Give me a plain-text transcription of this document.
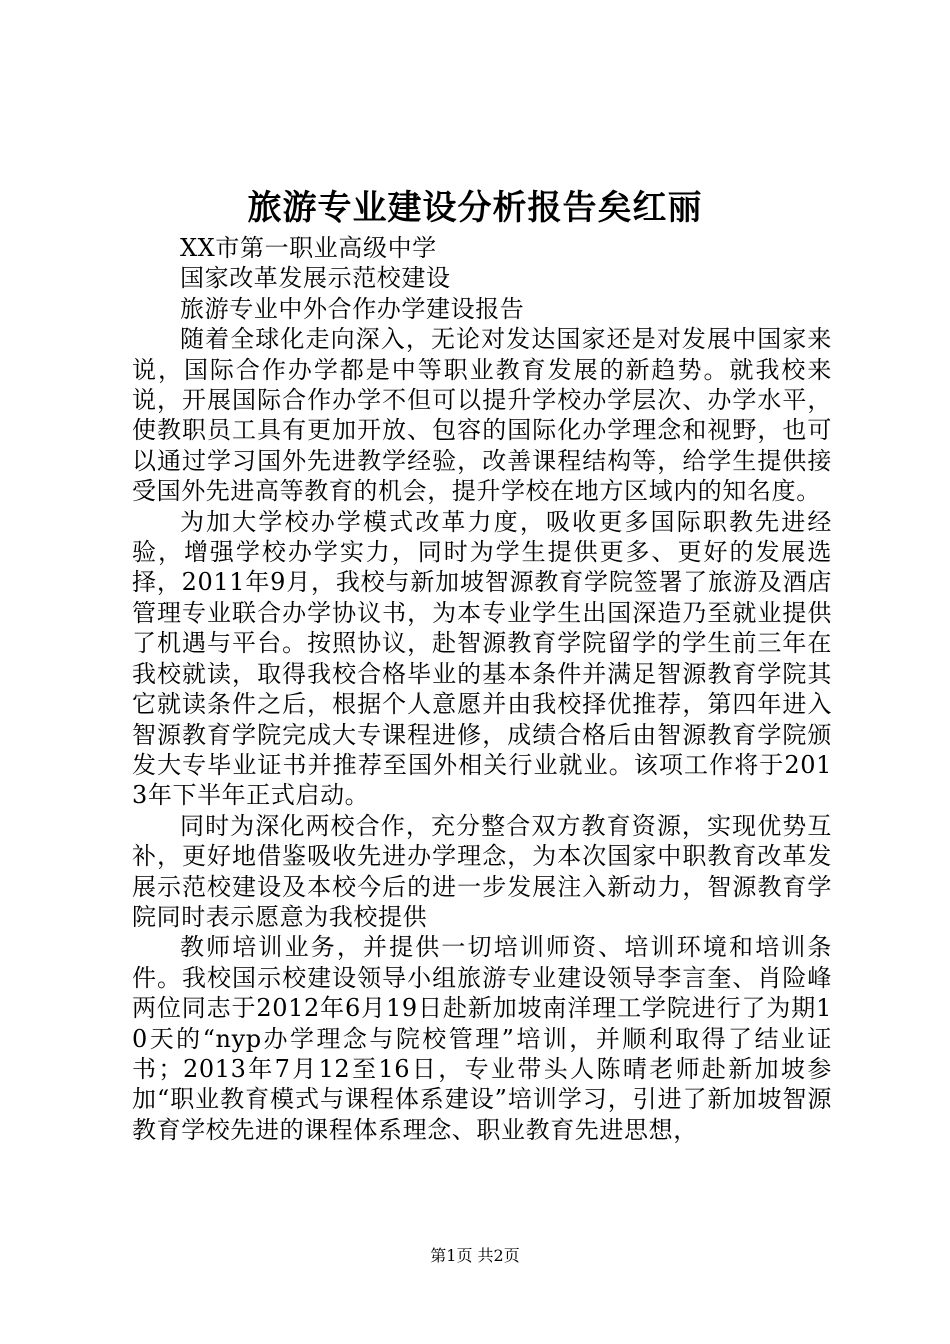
旅游专业建设分析报告矣红丽

XX市第一职业高级中学

国家改革发展示范校建设

旅游专业中外合作办学建设报告

随着全球化走向深入，无论对发达国家还是对发展中国家来说，国际合作办学都是中等职业教育发展的新趋势。就我校来说，开展国际合作办学不但可以提升学校办学层次、办学水平，使教职员工具有更加开放、包容的国际化办学理念和视野，也可以通过学习国外先进教学经验，改善课程结构等，给学生提供接受国外先进高等教育的机会，提升学校在地方区域内的知名度。

为加大学校办学模式改革力度，吸收更多国际职教先进经验，增强学校办学实力，同时为学生提供更多、更好的发展选择，2011年9月，我校与新加坡智源教育学院签署了旅游及酒店管理专业联合办学协议书，为本专业学生出国深造乃至就业提供了机遇与平台。按照协议，赴智源教育学院留学的学生前三年在我校就读，取得我校合格毕业的基本条件并满足智源教育学院其它就读条件之后，根据个人意愿并由我校择优推荐，第四年进入智源教育学院完成大专课程进修，成绩合格后由智源教育学院颁发大专毕业证书并推荐至国外相关行业就业。该项工作将于2013年下半年正式启动。

同时为深化两校合作，充分整合双方教育资源，实现优势互补，更好地借鉴吸收先进办学理念，为本次国家中职教育改革发展示范校建设及本校今后的进一步发展注入新动力，智源教育学院同时表示愿意为我校提供

教师培训业务，并提供一切培训师资、培训环境和培训条件。我校国示校建设领导小组旅游专业建设领导李言奎、肖险峰两位同志于2012年6月19日赴新加坡南洋理工学院进行了为期10天的“nyp办学理念与院校管理”培训，并顺利取得了结业证书；2013年7月12至16日，专业带头人陈晴老师赴新加坡参加“职业教育模式与课程体系建设”培训学习，引进了新加坡智源教育学校先进的课程体系理念、职业教育先进思想，

第1页 共2页
